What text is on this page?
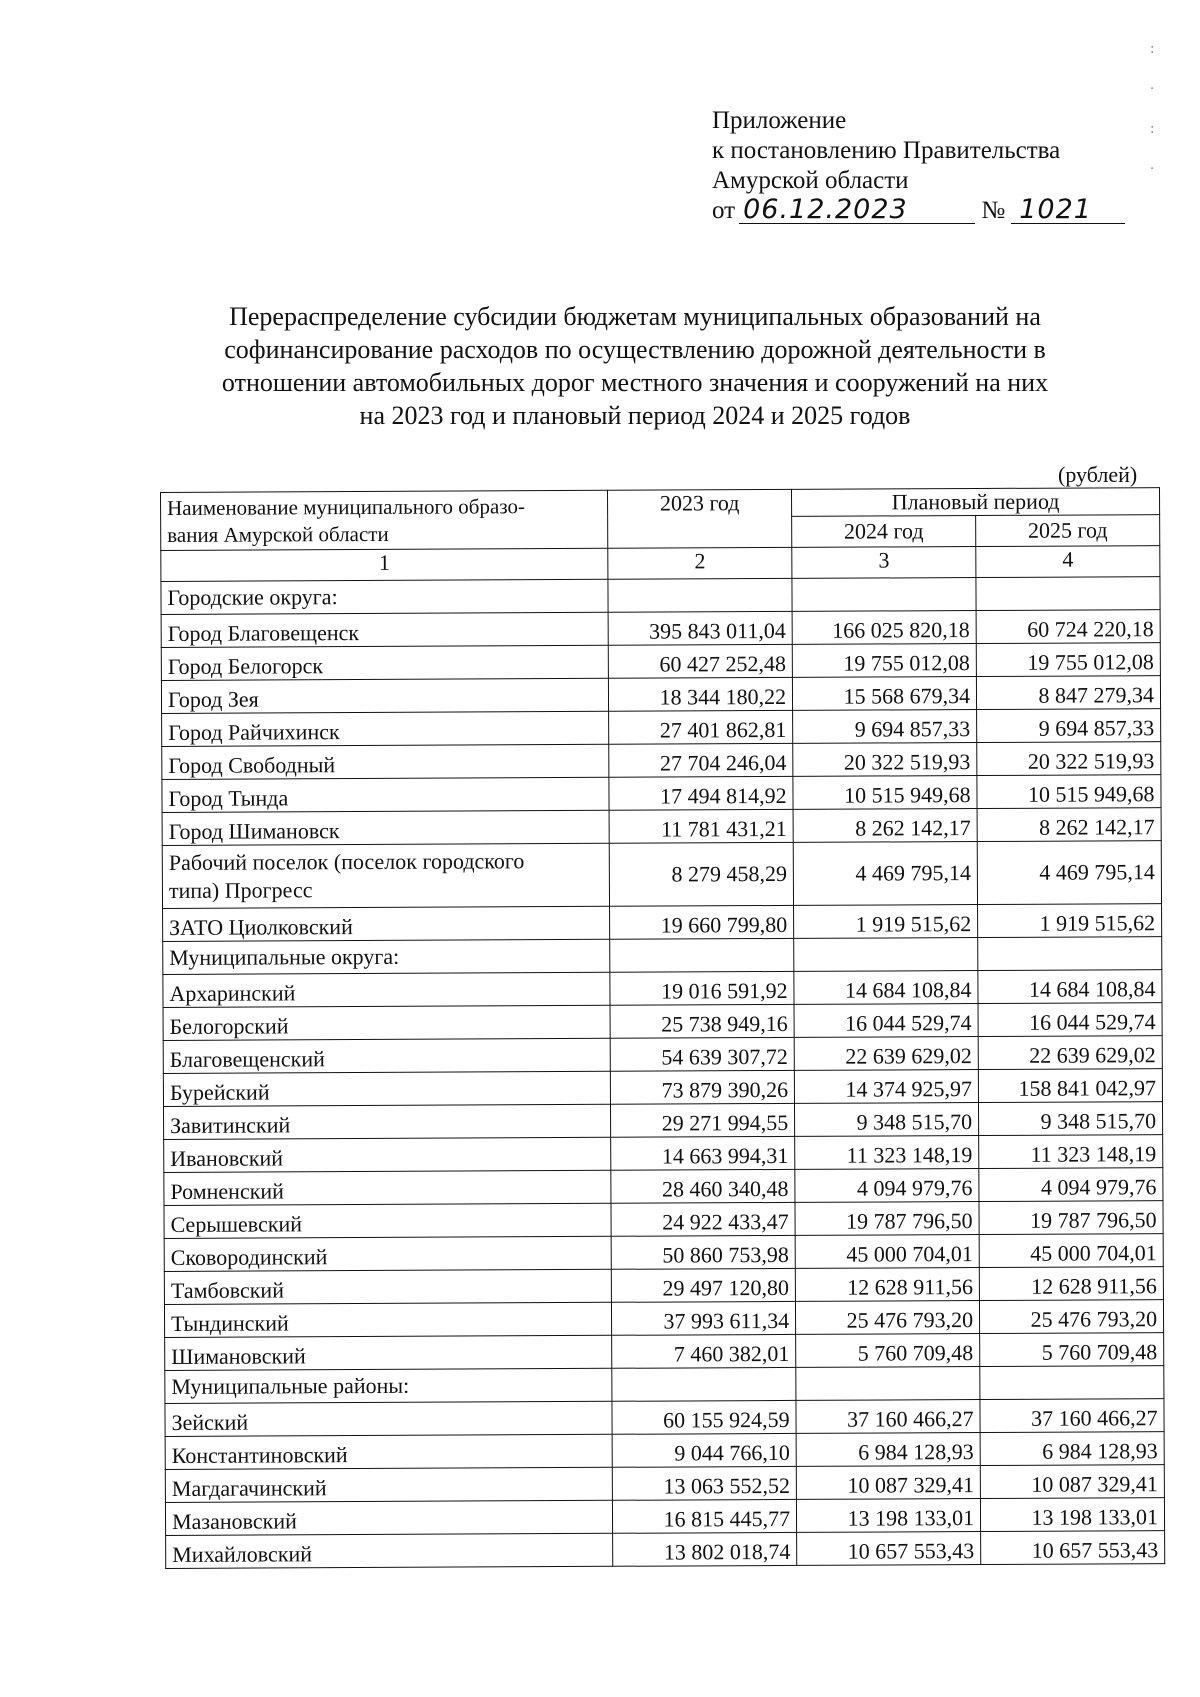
Приложение
к постановлению Правительства
Амурской области
от 06.12.2023	№ 1021
Перераспределение субсидии бюджетам муниципальных образований на
софинансирование расходов по осуществлению дорожной деятельности в
отношении автомобильных дорог местного значения и сооружений на них
на 2023 год и плановый период 2024 и 2025 годов
(рублей)
Наименование муниципального образо-
вания Амурской области	2023 год	Плановый период	
		2024 год	2025 год
1	2	3	4
Городские округа:			
Город Благовещенск	395 843 011,04	166 025 820,18	60 724 220,18
Город Белогорск	60 427 252,48	19 755 012,08	19 755 012,08
Город Зея	18 344 180,22	15 568 679,34	8 847 279,34
Город Райчихинск	27 401 862,81	9 694 857,33	9 694 857,33
Город Свободный	27 704 246,04	20 322 519,93	20 322 519,93
Город Тында	17 494 814,92	10 515 949,68	10 515 949,68
Город Шимановск	11 781 431,21	8 262 142,17	8 262 142,17

Рабочий поселок (поселок городского
типа) Прогресс	8 279 458,29	4 469 795,14	4 469 795,14
ЗАТО Циолковский	19 660 799,80	1 919 515,62	1 919 515,62
Муниципальные округа:			
Архаринский	19 016 591,92	14 684 108,84	14 684 108,84
Белогорский	25 738 949,16	16 044 529,74	16 044 529,74
Благовещенский	54 639 307,72	22 639 629,02	22 639 629,02
Бурейский	73 879 390,26	14 374 925,97	158 841 042,97
Завитинский	29 271 994,55	9 348 515,70	9 348 515,70
Ивановский	14 663 994,31	11 323 148,19	11 323 148,19
Ромненский	28 460 340,48	4 094 979,76	4 094 979,76
Серышевский	24 922 433,47	19 787 796,50	19 787 796,50
Сковородинский	50 860 753,98	45 000 704,01	45 000 704,01
Тамбовский	29 497 120,80	12 628 911,56	12 628 911,56
Тындинский	37 993 611,34	25 476 793,20	25 476 793,20
Шимановский	7 460 382,01	5 760 709,48	5 760 709,48
Муниципальные районы:			
Зейский	60 155 924,59	37 160 466,27	37 160 466,27
Константиновский	9 044 766,10	6 984 128,93	6 984 128,93
Магдагачинский	13 063 552,52	10 087 329,41	10 087 329,41
Мазановский	16 815 445,77	13 198 133,01	13 198 133,01
Михайловский	13 802 018,74	10 657 553,43	10 657 553,43
:
·
:
·
